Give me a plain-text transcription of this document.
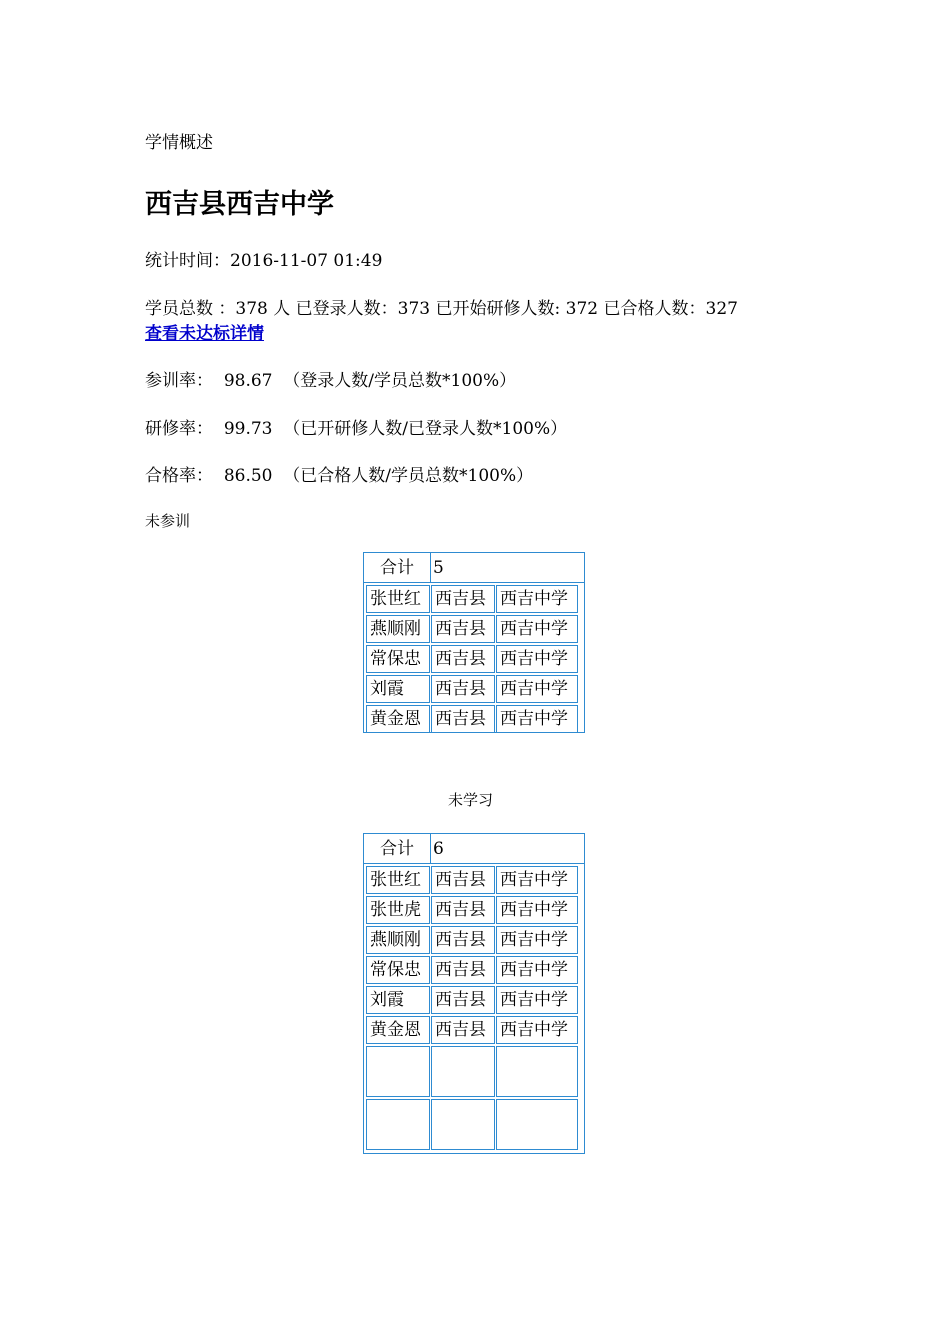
学情概述
西吉县西吉中学
统计时间：2016-11-07 01:49
学员总数 ：378 人 已登录人数：373 已开始研修人数: 372 已合格人数：327
查看未达标详情
参训率： 98.67 （登录人数/学员总数*100%）
研修率： 99.73 （已开研修人数/已登录人数*100%）
合格率： 86.50 （已合格人数/学员总数*100%）
未参训
合计	5
张世红 西吉县 西吉中学
燕顺刚 西吉县 西吉中学
常保忠 西吉县 西吉中学
刘霞	西吉县 西吉中学
黄金恩 西吉县 西吉中学
未学习
合计	6
张世红 西吉县 西吉中学
张世虎 西吉县 西吉中学
燕顺刚 西吉县 西吉中学
常保忠 西吉县 西吉中学
刘霞	西吉县 西吉中学
黄金恩 西吉县 西吉中学
